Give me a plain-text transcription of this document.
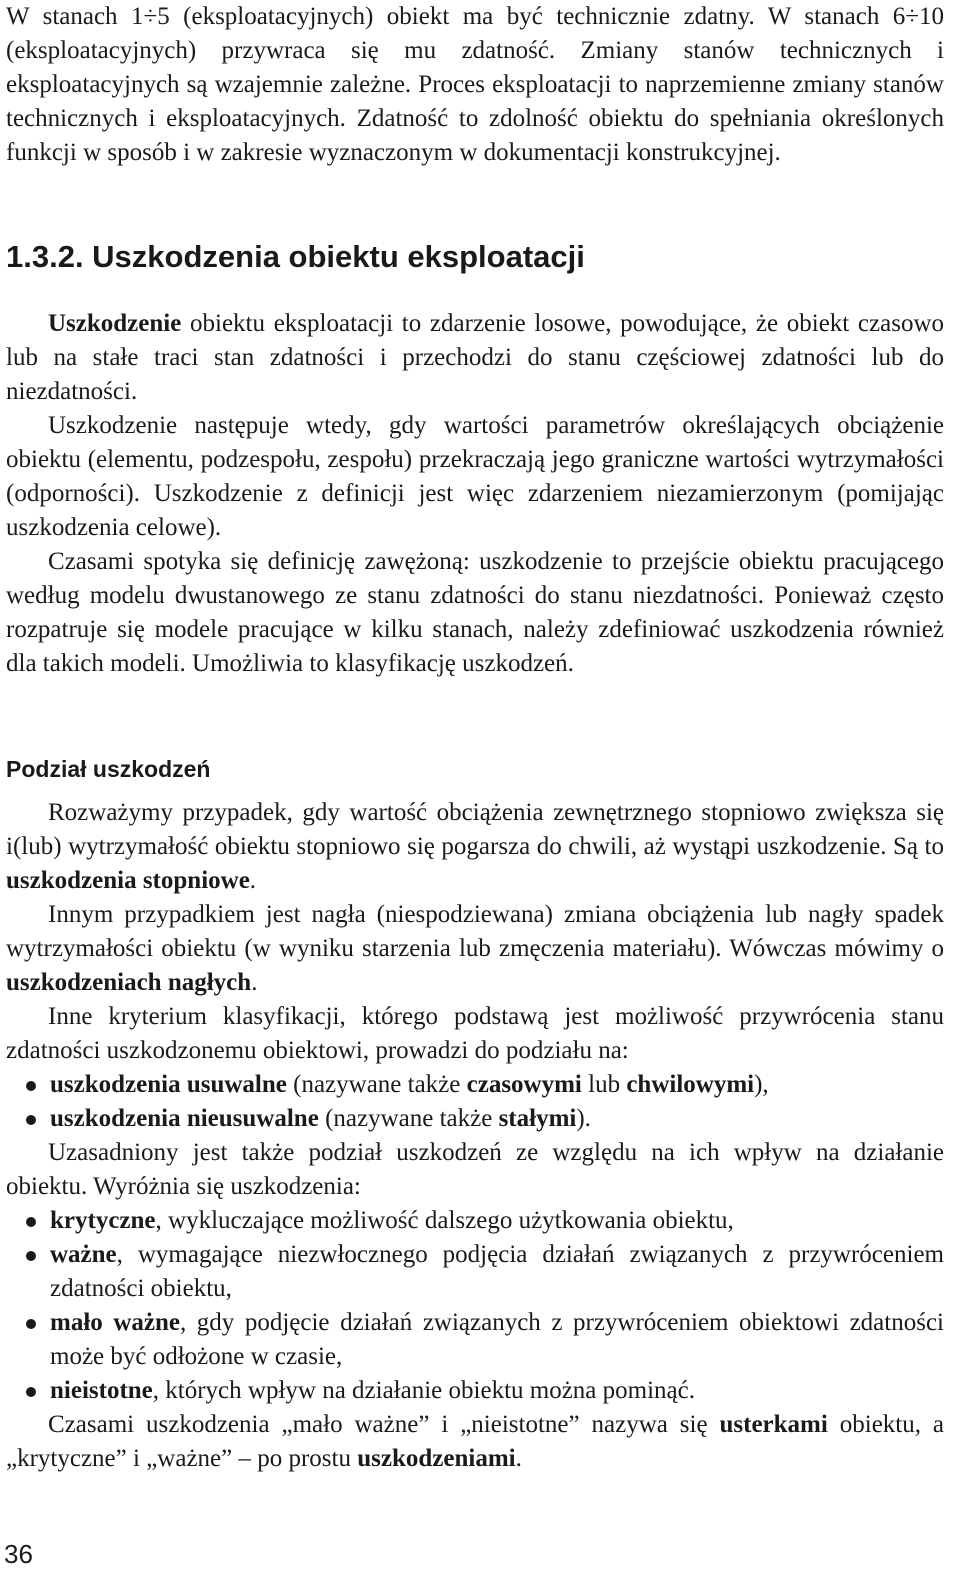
W stanach 1÷5 (eksploatacyjnych) obiekt ma być technicznie zdatny. W stanach 6÷10 (eksploatacyjnych) przywraca się mu zdatność. Zmiany stanów technicznych i eksploatacyjnych są wzajemnie zależne. Proces eksploatacji to naprzemienne zmiany stanów technicznych i eksploatacyjnych. Zdatność to zdolność obiektu do spełniania określonych funkcji w sposób i w zakresie wyznaczonym w dokumentacji konstrukcyjnej.

1.3.2. Uszkodzenia obiektu eksploatacji

Uszkodzenie obiektu eksploatacji to zdarzenie losowe, powodujące, że obiekt czasowo lub na stałe traci stan zdatności i przechodzi do stanu częściowej zdatności lub do niezdatności.

Uszkodzenie następuje wtedy, gdy wartości parametrów określających obciążenie obiektu (elementu, podzespołu, zespołu) przekraczają jego graniczne wartości wytrzymałości (odporności). Uszkodzenie z definicji jest więc zdarzeniem niezamierzonym (pomijając uszkodzenia celowe).

Czasami spotyka się definicję zawężoną: uszkodzenie to przejście obiektu pracującego według modelu dwustanowego ze stanu zdatności do stanu niezdatności. Ponieważ często rozpatruje się modele pracujące w kilku stanach, należy zdefiniować uszkodzenia również dla takich modeli. Umożliwia to klasyfikację uszkodzeń.

Podział uszkodzeń

Rozważymy przypadek, gdy wartość obciążenia zewnętrznego stopniowo zwiększa się i(lub) wytrzymałość obiektu stopniowo się pogarsza do chwili, aż wystąpi uszkodzenie. Są to uszkodzenia stopniowe.

Innym przypadkiem jest nagła (niespodziewana) zmiana obciążenia lub nagły spadek wytrzymałości obiektu (w wyniku starzenia lub zmęczenia materiału). Wówczas mówimy o uszkodzeniach nagłych.

Inne kryterium klasyfikacji, którego podstawą jest możliwość przywrócenia stanu zdatności uszkodzonemu obiektowi, prowadzi do podziału na:

uszkodzenia usuwalne (nazywane także czasowymi lub chwilowymi),
uszkodzenia nieusuwalne (nazywane także stałymi).

Uzasadniony jest także podział uszkodzeń ze względu na ich wpływ na działanie obiektu. Wyróżnia się uszkodzenia:

krytyczne, wykluczające możliwość dalszego użytkowania obiektu,
ważne, wymagające niezwłocznego podjęcia działań związanych z przywróceniem zdatności obiektu,
mało ważne, gdy podjęcie działań związanych z przywróceniem obiektowi zdatności może być odłożone w czasie,
nieistotne, których wpływ na działanie obiektu można pominąć.

Czasami uszkodzenia „mało ważne” i „nieistotne” nazywa się usterkami obiektu, a „krytyczne” i „ważne” – po prostu uszkodzeniami.

36
